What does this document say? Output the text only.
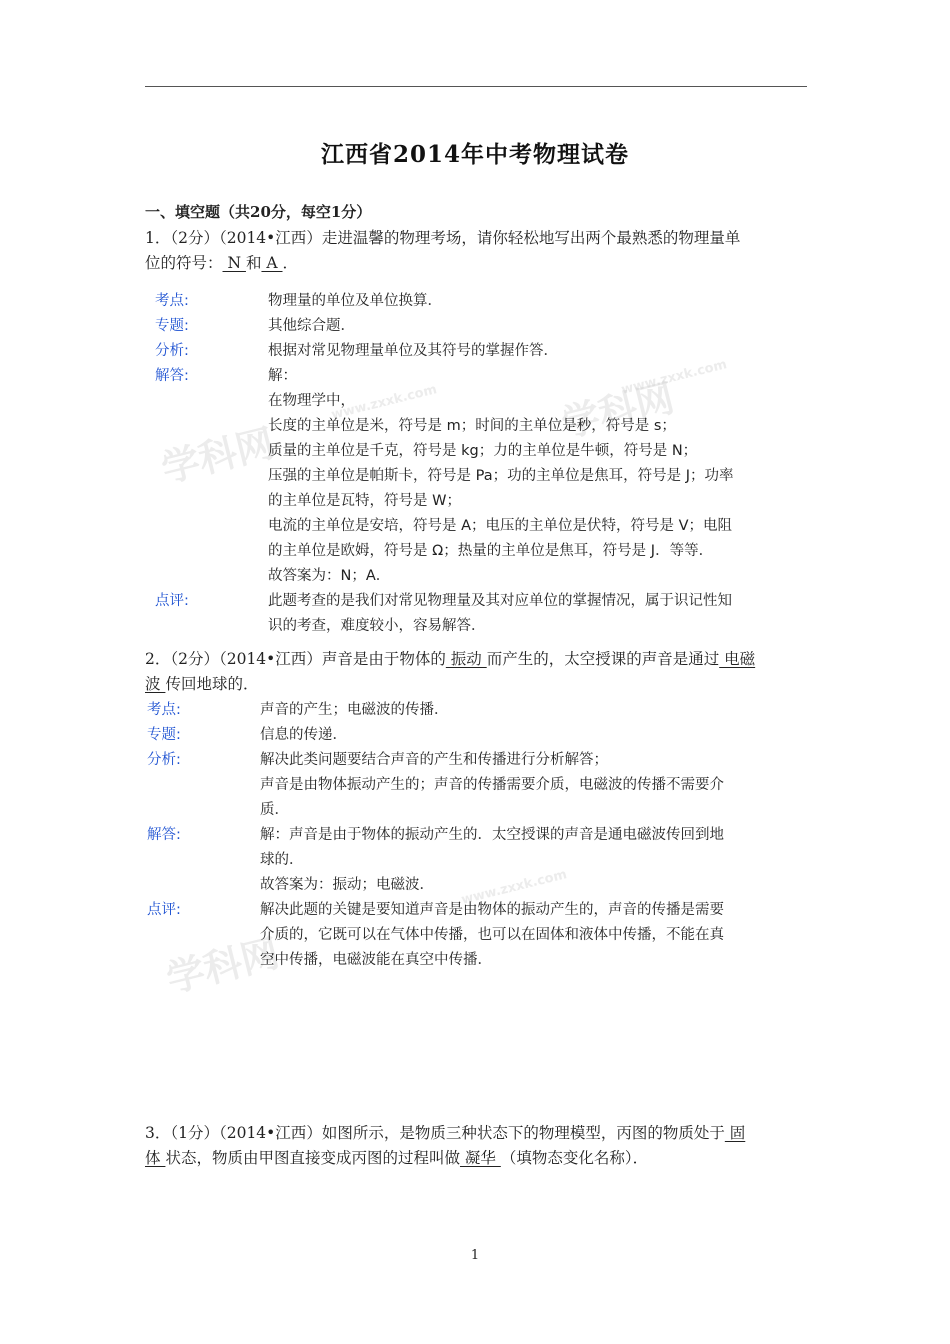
江西省2014年中考物理试卷
一、填空题（共20分，每空1分）
学科网
www.zxxk.com	学科网
www.zxxk.com
学科网
www.zxxk.com
1．（2分）（2014•江西）走进温馨的物理考场，请你轻松地写出两个最熟悉的物理量单
位的符号： N 和 A ．
考点:	物理量的单位及单位换算．
专题:	其他综合题．
分析:	根据对常见物理量单位及其符号的掌握作答．
解答:	解：
在物理学中，
长度的主单位是米，符号是 m；时间的主单位是秒，符号是 s；
质量的主单位是千克，符号是 kg；力的主单位是牛顿，符号是 N；
压强的主单位是帕斯卡，符号是 Pa；功的主单位是焦耳，符号是 J；功率
的主单位是瓦特，符号是 W；
电流的主单位是安培，符号是 A；电压的主单位是伏特，符号是 V；电阻
的主单位是欧姆，符号是 Ω；热量的主单位是焦耳，符号是 J．等等．
故答案为：N；A．
点评:	此题考查的是我们对常见物理量及其对应单位的掌握情况，属于识记性知
识的考查，难度较小，容易解答．
2．（2分）（2014•江西）声音是由于物体的 振动 而产生的，太空授课的声音是通过 电磁
波 传回地球的．
考点:	声音的产生；电磁波的传播．
专题:	信息的传递．
分析:	解决此类问题要结合声音的产生和传播进行分析解答；
声音是由物体振动产生的；声音的传播需要介质，电磁波的传播不需要介
质．
解答:	解：声音是由于物体的振动产生的．太空授课的声音是通电磁波传回到地
球的．
故答案为：振动；电磁波．
点评:	解决此题的关键是要知道声音是由物体的振动产生的，声音的传播是需要
介质的，它既可以在气体中传播，也可以在固体和液体中传播，不能在真
空中传播，电磁波能在真空中传播．
3．（1分）（2014•江西）如图所示，是物质三种状态下的物理模型，丙图的物质处于 固
体 状态，物质由甲图直接变成丙图的过程叫做 凝华 （填物态变化名称）．
1
